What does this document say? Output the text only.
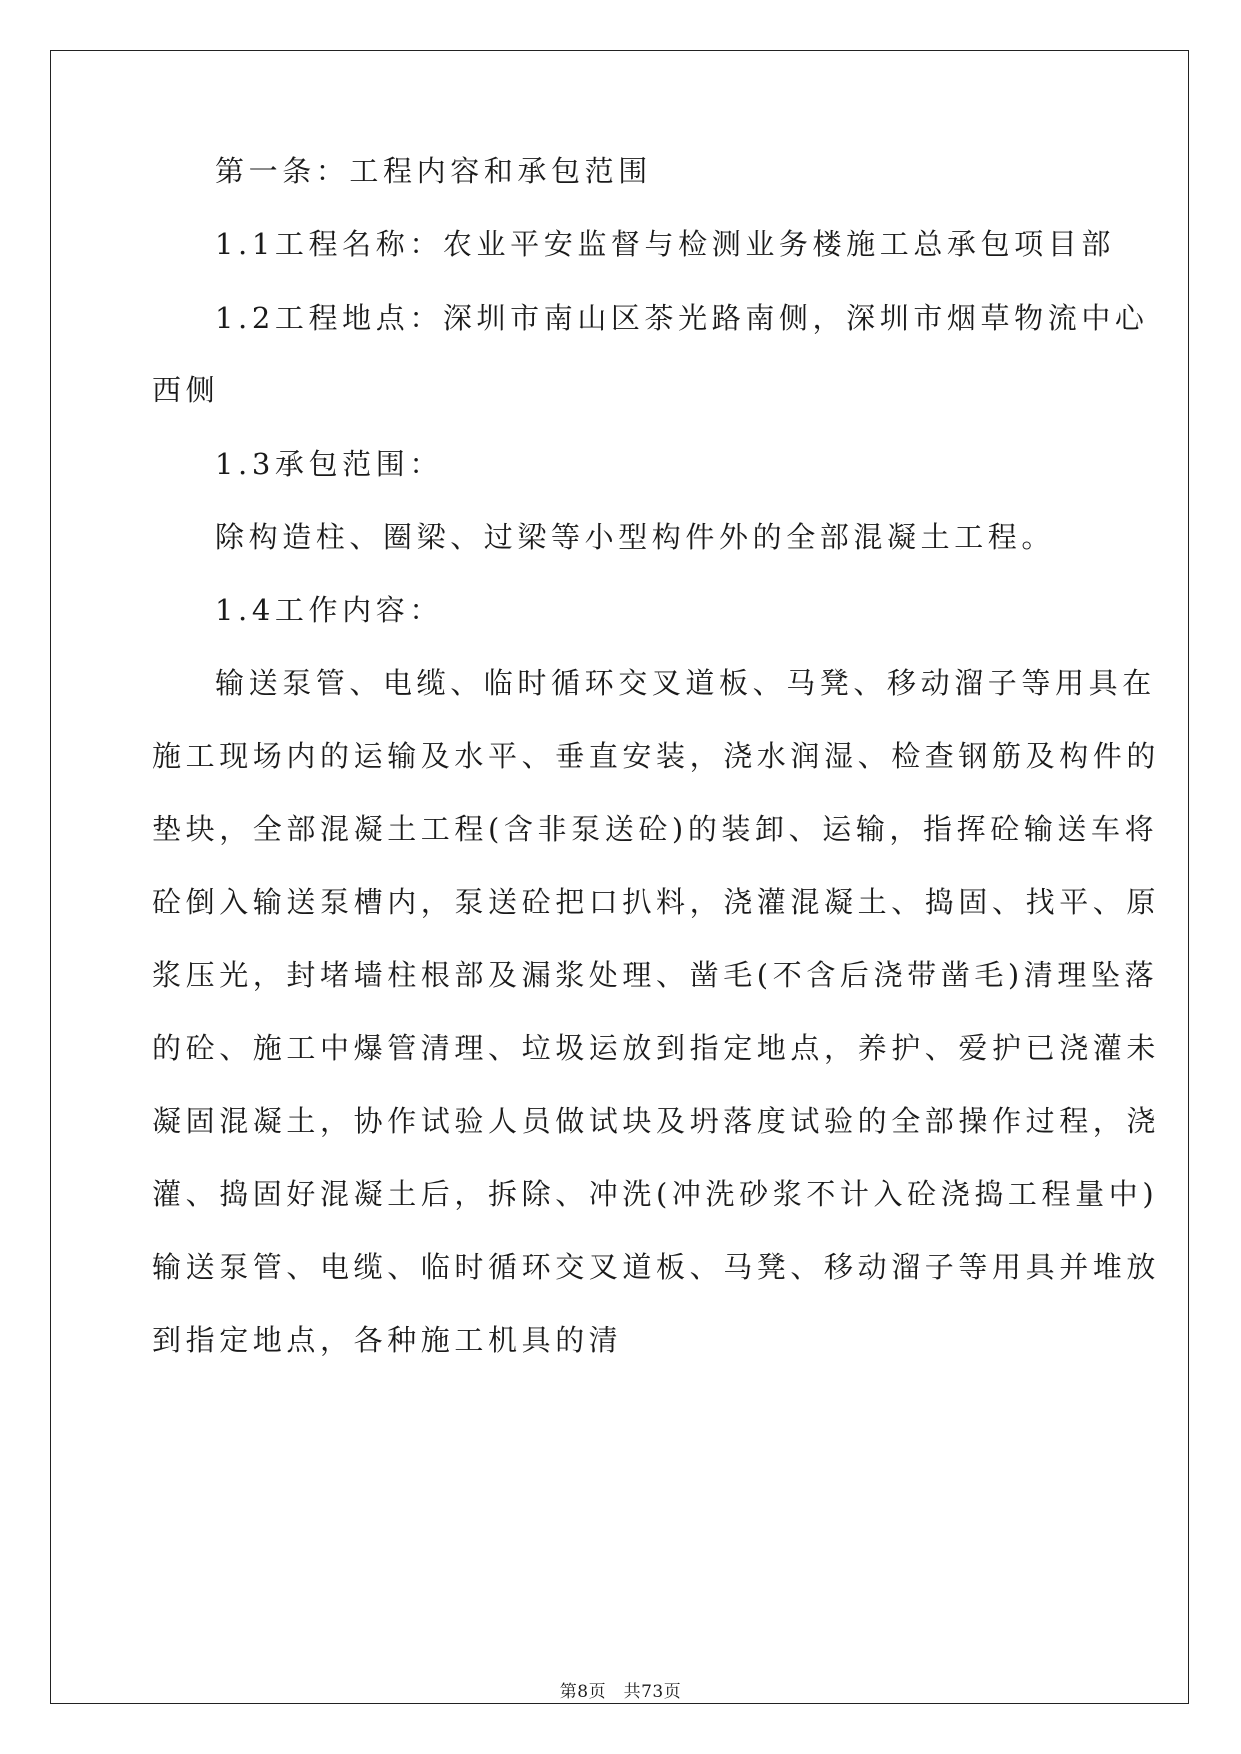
第一条：工程内容和承包范围

1.1工程名称：农业平安监督与检测业务楼施工总承包项目部

1.2工程地点：深圳市南山区茶光路南侧，深圳市烟草物流中心

西侧

1.3承包范围：

除构造柱、圈梁、过梁等小型构件外的全部混凝土工程。

1.4工作内容：

输送泵管、电缆、临时循环交叉道板、马凳、移动溜子等用具在

施工现场内的运输及水平、垂直安装，浇水润湿、检查钢筋及构件的

垫块，全部混凝土工程(含非泵送砼)的装卸、运输，指挥砼输送车将

砼倒入输送泵槽内，泵送砼把口扒料，浇灌混凝土、捣固、找平、原

浆压光，封堵墙柱根部及漏浆处理、凿毛(不含后浇带凿毛)清理坠落

的砼、施工中爆管清理、垃圾运放到指定地点，养护、爱护已浇灌未

凝固混凝土，协作试验人员做试块及坍落度试验的全部操作过程，浇

灌、捣固好混凝土后，拆除、冲洗(冲洗砂浆不计入砼浇捣工程量中)

输送泵管、电缆、临时循环交叉道板、马凳、移动溜子等用具并堆放

到指定地点，各种施工机具的清

第8页　共73页
